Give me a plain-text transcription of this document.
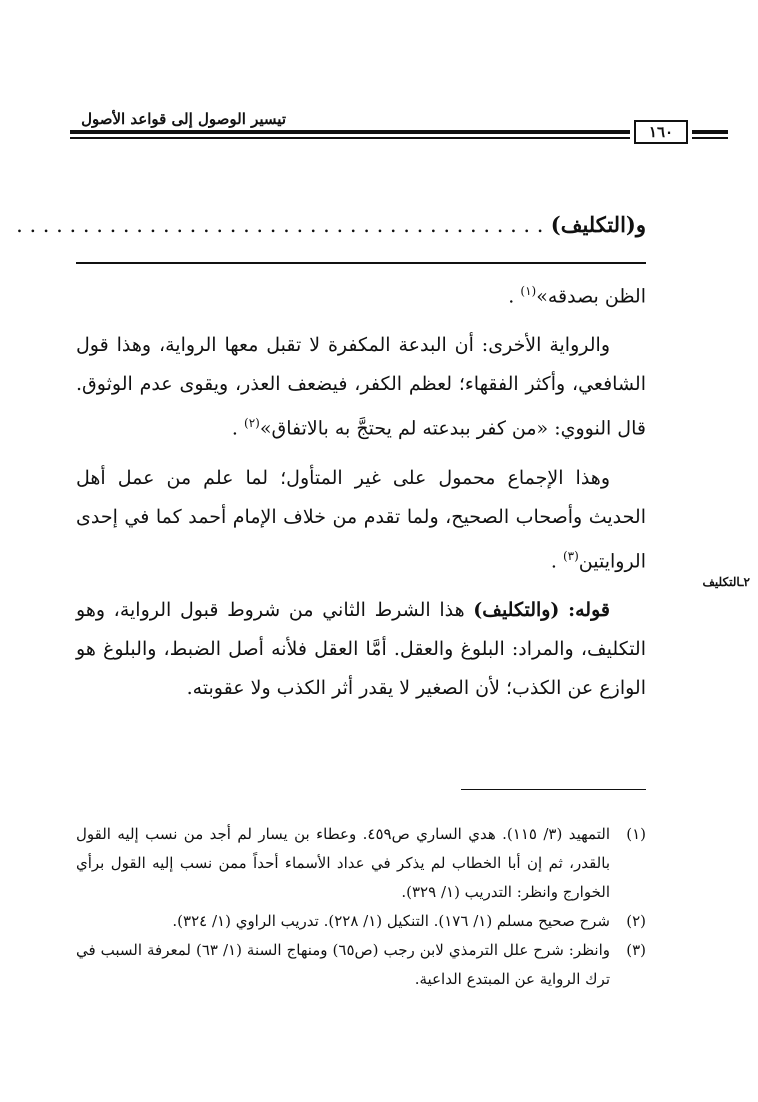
تيسير الوصول إلى قواعد الأصول
١٦٠
و(التكليف) . . . . . . . . . . . . . . . . . . . . . . . . . . . . . . . . . . . . . . . .

الظن بصدقه»$^{(١)}$ .

والرواية الأخرى: أن البدعة المكفرة لا تقبل معها الرواية، وهذا قول الشافعي، وأكثر الفقهاء؛ لعظم الكفر، فيضعف العذر، ويقوى عدم الوثوق. قال النووي: «من كفر ببدعته لم يحتجَّ به بالاتفاق»$^{(٢)}$ .

وهذا الإجماع محمول على غير المتأول؛ لما علم من عمل أهل الحديث وأصحاب الصحيح، ولما تقدم من خلاف الإمام أحمد كما في إحدى الروايتين$^{(٣)}$ .

قوله: (والتكليف) هذا الشرط الثاني من شروط قبول الرواية، وهو التكليف، والمراد: البلوغ والعقل. أمَّا العقل فلأنه أصل الضبط، والبلوغ هو الوازع عن الكذب؛ لأن الصغير لا يقدر أثر الكذب ولا عقوبته.

٢ـالتكليف
(١)
التمهيد (٣/ ١١٥). هدي الساري ص٤٥٩. وعطاء بن يسار لم أجد من نسب إليه القول بالقدر، ثم إن أبا الخطاب لم يذكر في عداد الأسماء أحداً ممن نسب إليه القول برأي الخوارج وانظر: التدريب (١/ ٣٢٩).
(٢)
شرح صحيح مسلم (١/ ١٧٦). التنكيل (١/ ٢٢٨). تدريب الراوي (١/ ٣٢٤).
(٣)
وانظر: شرح علل الترمذي لابن رجب (ص٦٥) ومنهاج السنة (١/ ٦٣) لمعرفة السبب في ترك الرواية عن المبتدع الداعية.
